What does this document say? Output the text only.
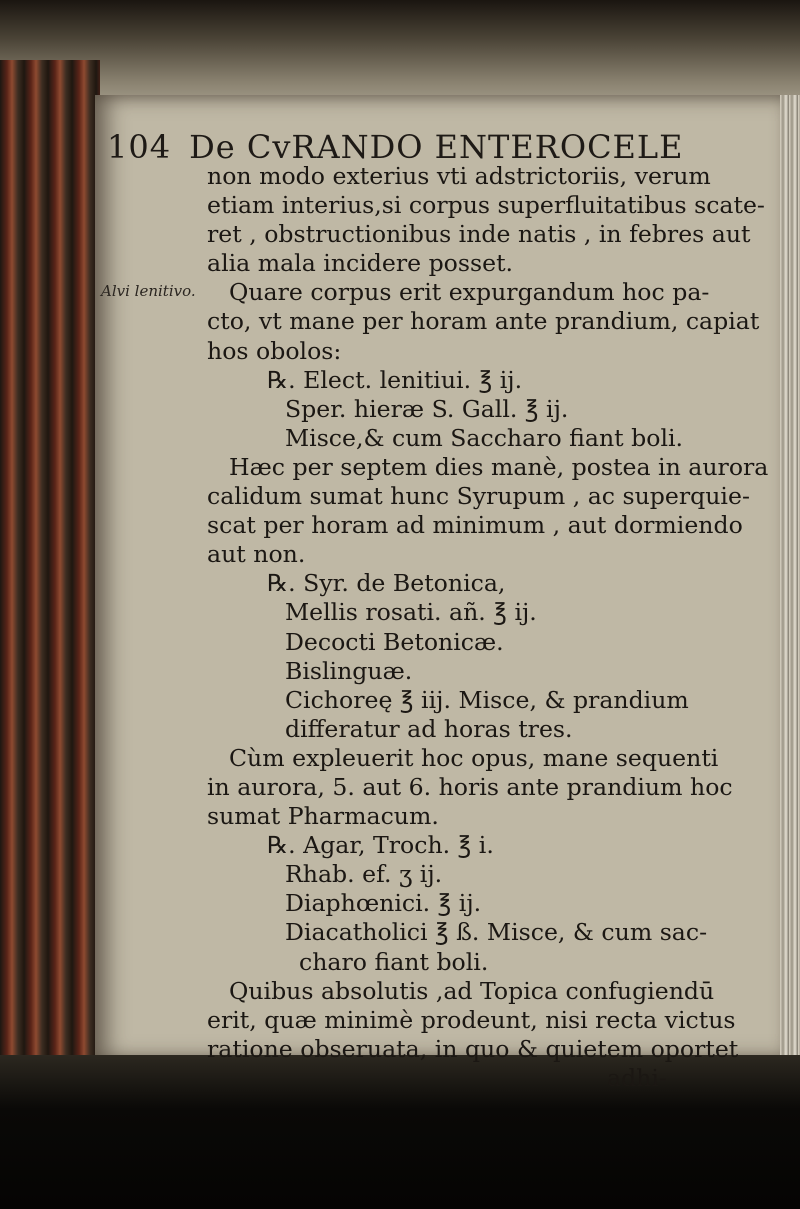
104 De CvRANDO ENTEROCELE
Alvi lenitivo.
non modo exterius vti adstrictoriis, verum
etiam interius,si corpus superfluitatibus scate-
ret , obstructionibus inde natis , in febres aut
alia mala incidere posset.
Quare corpus erit expurgandum hoc pa-
cto, vt mane per horam ante prandium, capiat
hos obolos:
℞. Elect. lenitiui. ℥ ij.
Sper. hieræ S. Gall. ℥ ij.
Misce,& cum Saccharo fiant boli.
Hæc per septem dies manè, postea in aurora
calidum sumat hunc Syrupum , ac superquie-
scat per horam ad minimum , aut dormiendo
aut non.
℞. Syr. de Betonica,
Mellis rosati. añ. ℥ ij.
Decocti Betonicæ.
Bislinguæ.
Cichoreę ℥ iij. Misce, & prandium
differatur ad horas tres.
Cùm expleuerit hoc opus, mane sequenti
in aurora, 5. aut 6. horis ante prandium hoc
sumat Pharmacum.
℞. Agar, Troch. ℥ i.
Rhab. ef. ʒ ij.
Diaphœnici. ℥ ij.
Diacatholici ℥ ß. Misce, & cum sac-
charo fiant boli.
Quibus absolutis ,ad Topica confugiendū
erit, quæ minimè prodeunt, nisi recta victus
ratione obseruata, in quo & quietem oportet
adhi-
